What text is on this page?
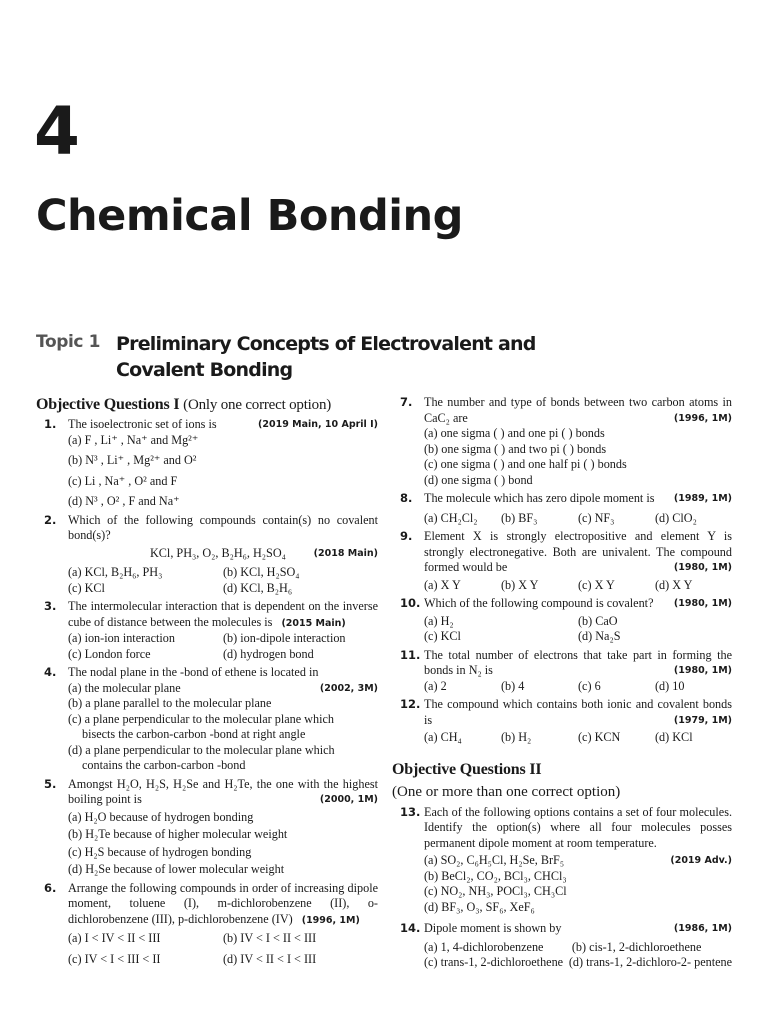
4
Chemical Bonding
Topic 1 Preliminary Concepts of Electrovalent and Covalent Bonding
Objective Questions I (Only one correct option)
1.	(2019 Main, 10 April I)
The isoelectronic set of ions is
(a) F , Li⁺ , Na⁺ and Mg²⁺
(b) N³ , Li⁺ , Mg²⁺ and O²
(c) Li , Na⁺ , O² and F
(d) N³ , O² , F and Na⁺
2. Which of the following compounds contain(s) no covalent bond(s)?
KCl, PH₃, O₂, B₂H₆, H₂SO₄	(2018 Main)
(a) KCl, B₂H₆, PH₃	(b) KCl, H₂SO₄
(c) KCl	(d) KCl, B₂H₆
3. The intermolecular interaction that is dependent on the inverse cube of distance between the molecules is (2015 Main)
(a) ion-ion interaction	(b) ion-dipole interaction
(c) London force	(d) hydrogen bond
4. The nodal plane in the -bond of ethene is located in
(a) the molecular plane	(2002, 3M)
(b) a plane parallel to the molecular plane
(c) a plane perpendicular to the molecular plane which
bisects the carbon-carbon -bond at right angle
(d) a plane perpendicular to the molecular plane which
contains the carbon-carbon -bond
5. Amongst H₂O, H₂S, H₂Se and H₂Te, the one with the highest boiling point is	(2000, 1M)
(a) H₂O because of hydrogen bonding
(b) H₂Te because of higher molecular weight
(c) H₂S because of hydrogen bonding
(d) H₂Se because of lower molecular weight
6. Arrange the following compounds in order of increasing dipole moment, toluene (I), m-dichlorobenzene (II), o-dichlorobenzene (III), p-dichlorobenzene (IV) (1996, 1M)
(a) I < IV < II < III	(b) IV < I < II < III
(c) IV < I < III < II	(d) IV < II < I < III
7. The number and type of bonds between two carbon atoms in CaC₂ are	(1996, 1M)
(a) one sigma ( ) and one pi ( ) bonds
(b) one sigma ( ) and two pi ( ) bonds
(c) one sigma ( ) and one half pi ( ) bonds
(d) one sigma ( ) bond
8. The molecule which has zero dipole moment is (1989, 1M)
(a) CH₂Cl₂	(b) BF₃	(c) NF₃	(d) ClO₂
9. Element X is strongly electropositive and element Y is strongly electronegative. Both are univalent. The compound formed would be	(1980, 1M)
(a) X Y	(b) X Y	(c) X Y	(d) X Y
10. Which of the following compound is covalent? (1980, 1M)
(a) H₂	(b) CaO
(c) KCl	(d) Na₂S
11. The total number of electrons that take part in forming the bonds in N₂ is	(1980, 1M)
(a) 2	(b) 4	(c) 6	(d) 10
12. The compound which contains both ionic and covalent bonds is	(1979, 1M)
(a) CH₄	(b) H₂	(c) KCN	(d) KCl
Objective Questions II
(One or more than one correct option)
13. Each of the following options contains a set of four molecules. Identify the option(s) where all four molecules posses permanent dipole moment at room temperature.
(a) SO₂, C₆H₅Cl, H₂Se, BrF₅	(2019 Adv.)
(b) BeCl₂, CO₂, BCl₃, CHCl₃
(c) NO₂, NH₃, POCl₃, CH₃Cl
(d) BF₃, O₃, SF₆, XeF₆
14. Dipole moment is shown by	(1986, 1M)
(a) 1, 4-dichlorobenzene	(b) cis-1, 2-dichloroethene
(c) trans-1, 2-dichloroethene (d) trans-1, 2-dichloro-2- pentene
